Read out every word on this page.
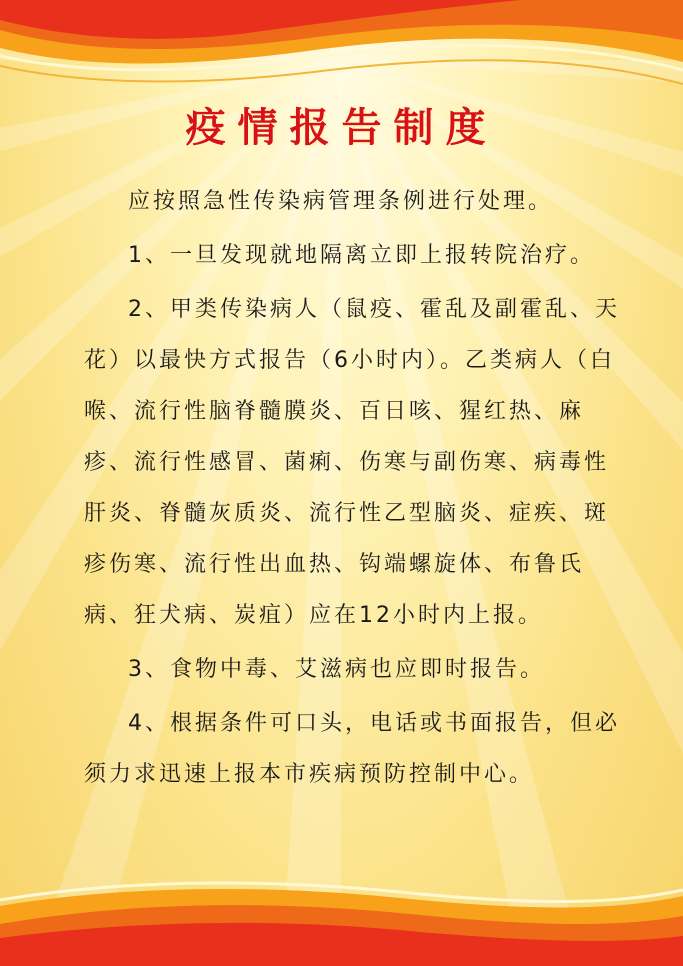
疫情报告制度

应按照急性传染病管理条例进行处理。

1、一旦发现就地隔离立即上报转院治疗。

2、甲类传染病人（鼠疫、霍乱及副霍乱、天花）以最快方式报告（6小时内）。乙类病人（白喉、流行性脑脊髓膜炎、百日咳、猩红热、麻疹、流行性感冒、菌痢、伤寒与副伤寒、病毒性肝炎、脊髓灰质炎、流行性乙型脑炎、症疾、斑疹伤寒、流行性出血热、钩端螺旋体、布鲁氏病、狂犬病、炭疽）应在12小时内上报。

3、食物中毒、艾滋病也应即时报告。

4、根据条件可口头，电话或书面报告，但必须力求迅速上报本市疾病预防控制中心。
